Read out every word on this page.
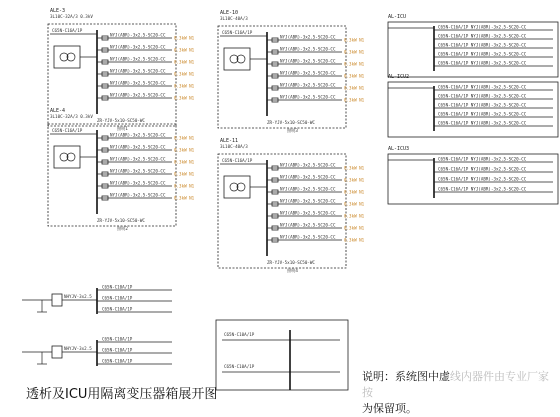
ALE-3
3L10C-32A/3 0.3kV
C65N-C16A/1P
NYJ(ABR)-3x2.5-SC20-CC
0.3kW N1
NYJ(ABR)-3x2.5-SC20-CC
0.3kW N1
NYJ(ABR)-3x2.5-SC20-CC
0.3kW N1
NYJ(ABR)-3x2.5-SC20-CC
0.3kW N1
NYJ(ABR)-3x2.5-SC20-CC
0.3kW N1
NYJ(ABR)-3x2.5-SC20-CC
0.3kW N1
ZR-YJV-5x10-SC50-WC
照明1
ALE-4
3L10C-32A/3 0.3kV
C65N-C16A/1P
NYJ(ABR)-3x2.5-SC20-CC
0.3kW N1
NYJ(ABR)-3x2.5-SC20-CC
0.3kW N1
NYJ(ABR)-3x2.5-SC20-CC
0.3kW N1
NYJ(ABR)-3x2.5-SC20-CC
0.3kW N1
NYJ(ABR)-3x2.5-SC20-CC
0.3kW N1
NYJ(ABR)-3x2.5-SC20-CC
0.3kW N1
ZR-YJV-5x10-SC50-WC
照明2
ALE-10
3L10C-40A/3
C65N-C16A/1P
NYJ(ABR)-3x2.5-SC20-CC
0.3kW N1
NYJ(ABR)-3x2.5-SC20-CC
0.3kW N1
NYJ(ABR)-3x2.5-SC20-CC
0.3kW N1
NYJ(ABR)-3x2.5-SC20-CC
0.3kW N1
NYJ(ABR)-3x2.5-SC20-CC
0.3kW N1
NYJ(ABR)-3x2.5-SC20-CC
0.3kW N1
ZR-YJV-5x10-SC50-WC
照明3
ALE-11
3L10C-40A/3
C65N-C16A/1P
NYJ(ABR)-3x2.5-SC20-CC
0.3kW N1
NYJ(ABR)-3x2.5-SC20-CC
0.3kW N1
NYJ(ABR)-3x2.5-SC20-CC
0.3kW N1
NYJ(ABR)-3x2.5-SC20-CC
0.3kW N1
NYJ(ABR)-3x2.5-SC20-CC
0.3kW N1
NYJ(ABR)-3x2.5-SC20-CC
0.3kW N1
NYJ(ABR)-3x2.5-SC20-CC
0.3kW N1
ZR-YJV-5x10-SC50-WC
照明4
AL-ICU
C65N-C16A/1P NYJ(ABR)-3x2.5-SC20-CC
C65N-C16A/1P NYJ(ABR)-3x2.5-SC20-CC
C65N-C16A/1P NYJ(ABR)-3x2.5-SC20-CC
C65N-C16A/1P NYJ(ABR)-3x2.5-SC20-CC
C65N-C16A/1P NYJ(ABR)-3x2.5-SC20-CC
AL-ICU2
C65N-C16A/1P NYJ(ABR)-3x2.5-SC20-CC
C65N-C16A/1P NYJ(ABR)-3x2.5-SC20-CC
C65N-C16A/1P NYJ(ABR)-3x2.5-SC20-CC
C65N-C16A/1P NYJ(ABR)-3x2.5-SC20-CC
C65N-C16A/1P NYJ(ABR)-3x2.5-SC20-CC
AL-ICU3
C65N-C16A/1P NYJ(ABR)-3x2.5-SC20-CC
C65N-C16A/1P NYJ(ABR)-3x2.5-SC20-CC
C65N-C16A/1P NYJ(ABR)-3x2.5-SC20-CC
C65N-C16A/1P NYJ(ABR)-3x2.5-SC20-CC
NHYJV-3x2.5
C65N-C10A/1P
C65N-C10A/1P
C65N-C10A/1P
NHYJV-3x2.5
C65N-C10A/1P
C65N-C10A/1P
C65N-C10A/1P
C65N-C10A/1P
C65N-C10A/1P
透析及ICU用隔离变压器箱展开图
说明：系统图中虚线内器件由专业厂家按
为保留项。
